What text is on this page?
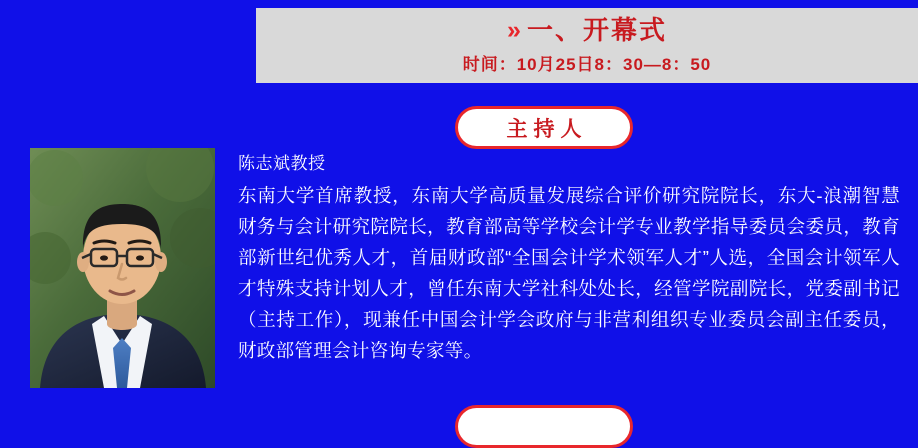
» 一、开幕式
时间：10月25日8：30—8：50
主持人
陈志斌教授
东南大学首席教授，东南大学高质量发展综合评价研究院院长，东大-浪潮智慧财务与会计研究院院长，教育部高等学校会计学专业教学指导委员会委员，教育部新世纪优秀人才，首届财政部“全国会计学术领军人才”人选，全国会计领军人才特殊支持计划人才，曾任东南大学社科处处长，经管学院副院长，党委副书记（主持工作），现兼任中国会计学会政府与非营利组织专业委员会副主任委员，财政部管理会计咨询专家等。
